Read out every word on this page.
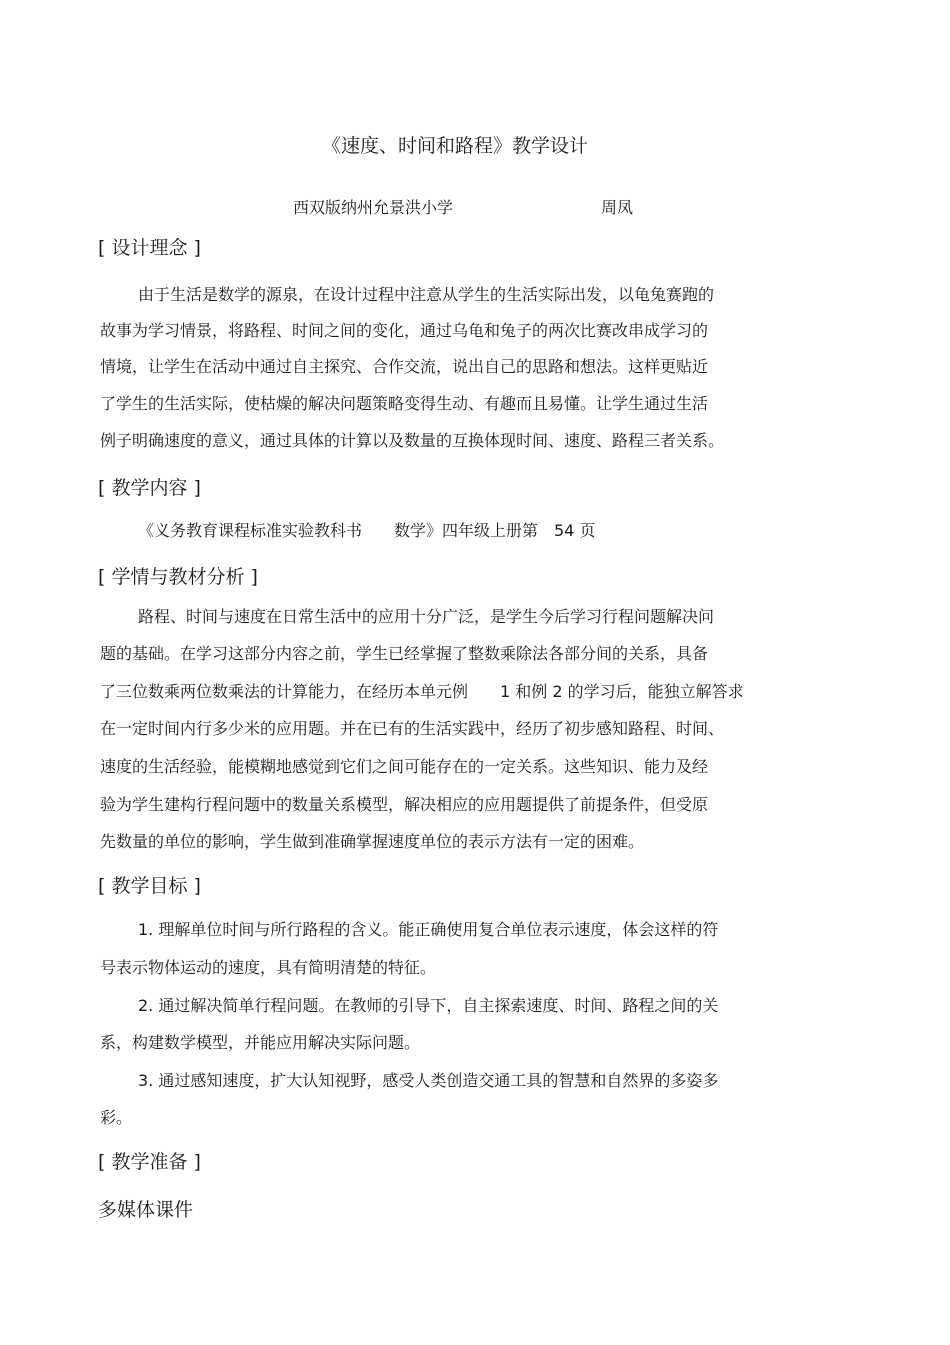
《速度、时间和路程》教学设计
西双版纳州允景洪小学	周凤
[ 设计理念 ]
由于生活是数学的源泉，在设计过程中注意从学生的生活实际出发，以龟兔赛跑的
故事为学习情景，将路程、时间之间的变化，通过乌龟和兔子的两次比赛改串成学习的
情境，让学生在活动中通过自主探究、合作交流，说出自己的思路和想法。这样更贴近
了学生的生活实际，使枯燥的解决问题策略变得生动、有趣而且易懂。让学生通过生活
例子明确速度的意义，通过具体的计算以及数量的互换体现时间、速度、路程三者关系。
[ 教学内容 ]
《义务教育课程标准实验教科书　　数学》四年级上册第　54 页
[ 学情与教材分析 ]
路程、时间与速度在日常生活中的应用十分广泛，是学生今后学习行程问题解决问
题的基础。在学习这部分内容之前，学生已经掌握了整数乘除法各部分间的关系，具备
了三位数乘两位数乘法的计算能力，在经历本单元例　　1 和例 2 的学习后，能独立解答求
在一定时间内行多少米的应用题。并在已有的生活实践中，经历了初步感知路程、时间、
速度的生活经验，能模糊地感觉到它们之间可能存在的一定关系。这些知识、能力及经
验为学生建构行程问题中的数量关系模型，解决相应的应用题提供了前提条件，但受原
先数量的单位的影响，学生做到准确掌握速度单位的表示方法有一定的困难。
[ 教学目标 ]
1. 理解单位时间与所行路程的含义。能正确使用复合单位表示速度，体会这样的符
号表示物体运动的速度，具有简明清楚的特征。
2. 通过解决简单行程问题。在教师的引导下，自主探索速度、时间、路程之间的关
系，构建数学模型，并能应用解决实际问题。
3. 通过感知速度，扩大认知视野，感受人类创造交通工具的智慧和自然界的多姿多
彩。
[ 教学准备 ]
多媒体课件
